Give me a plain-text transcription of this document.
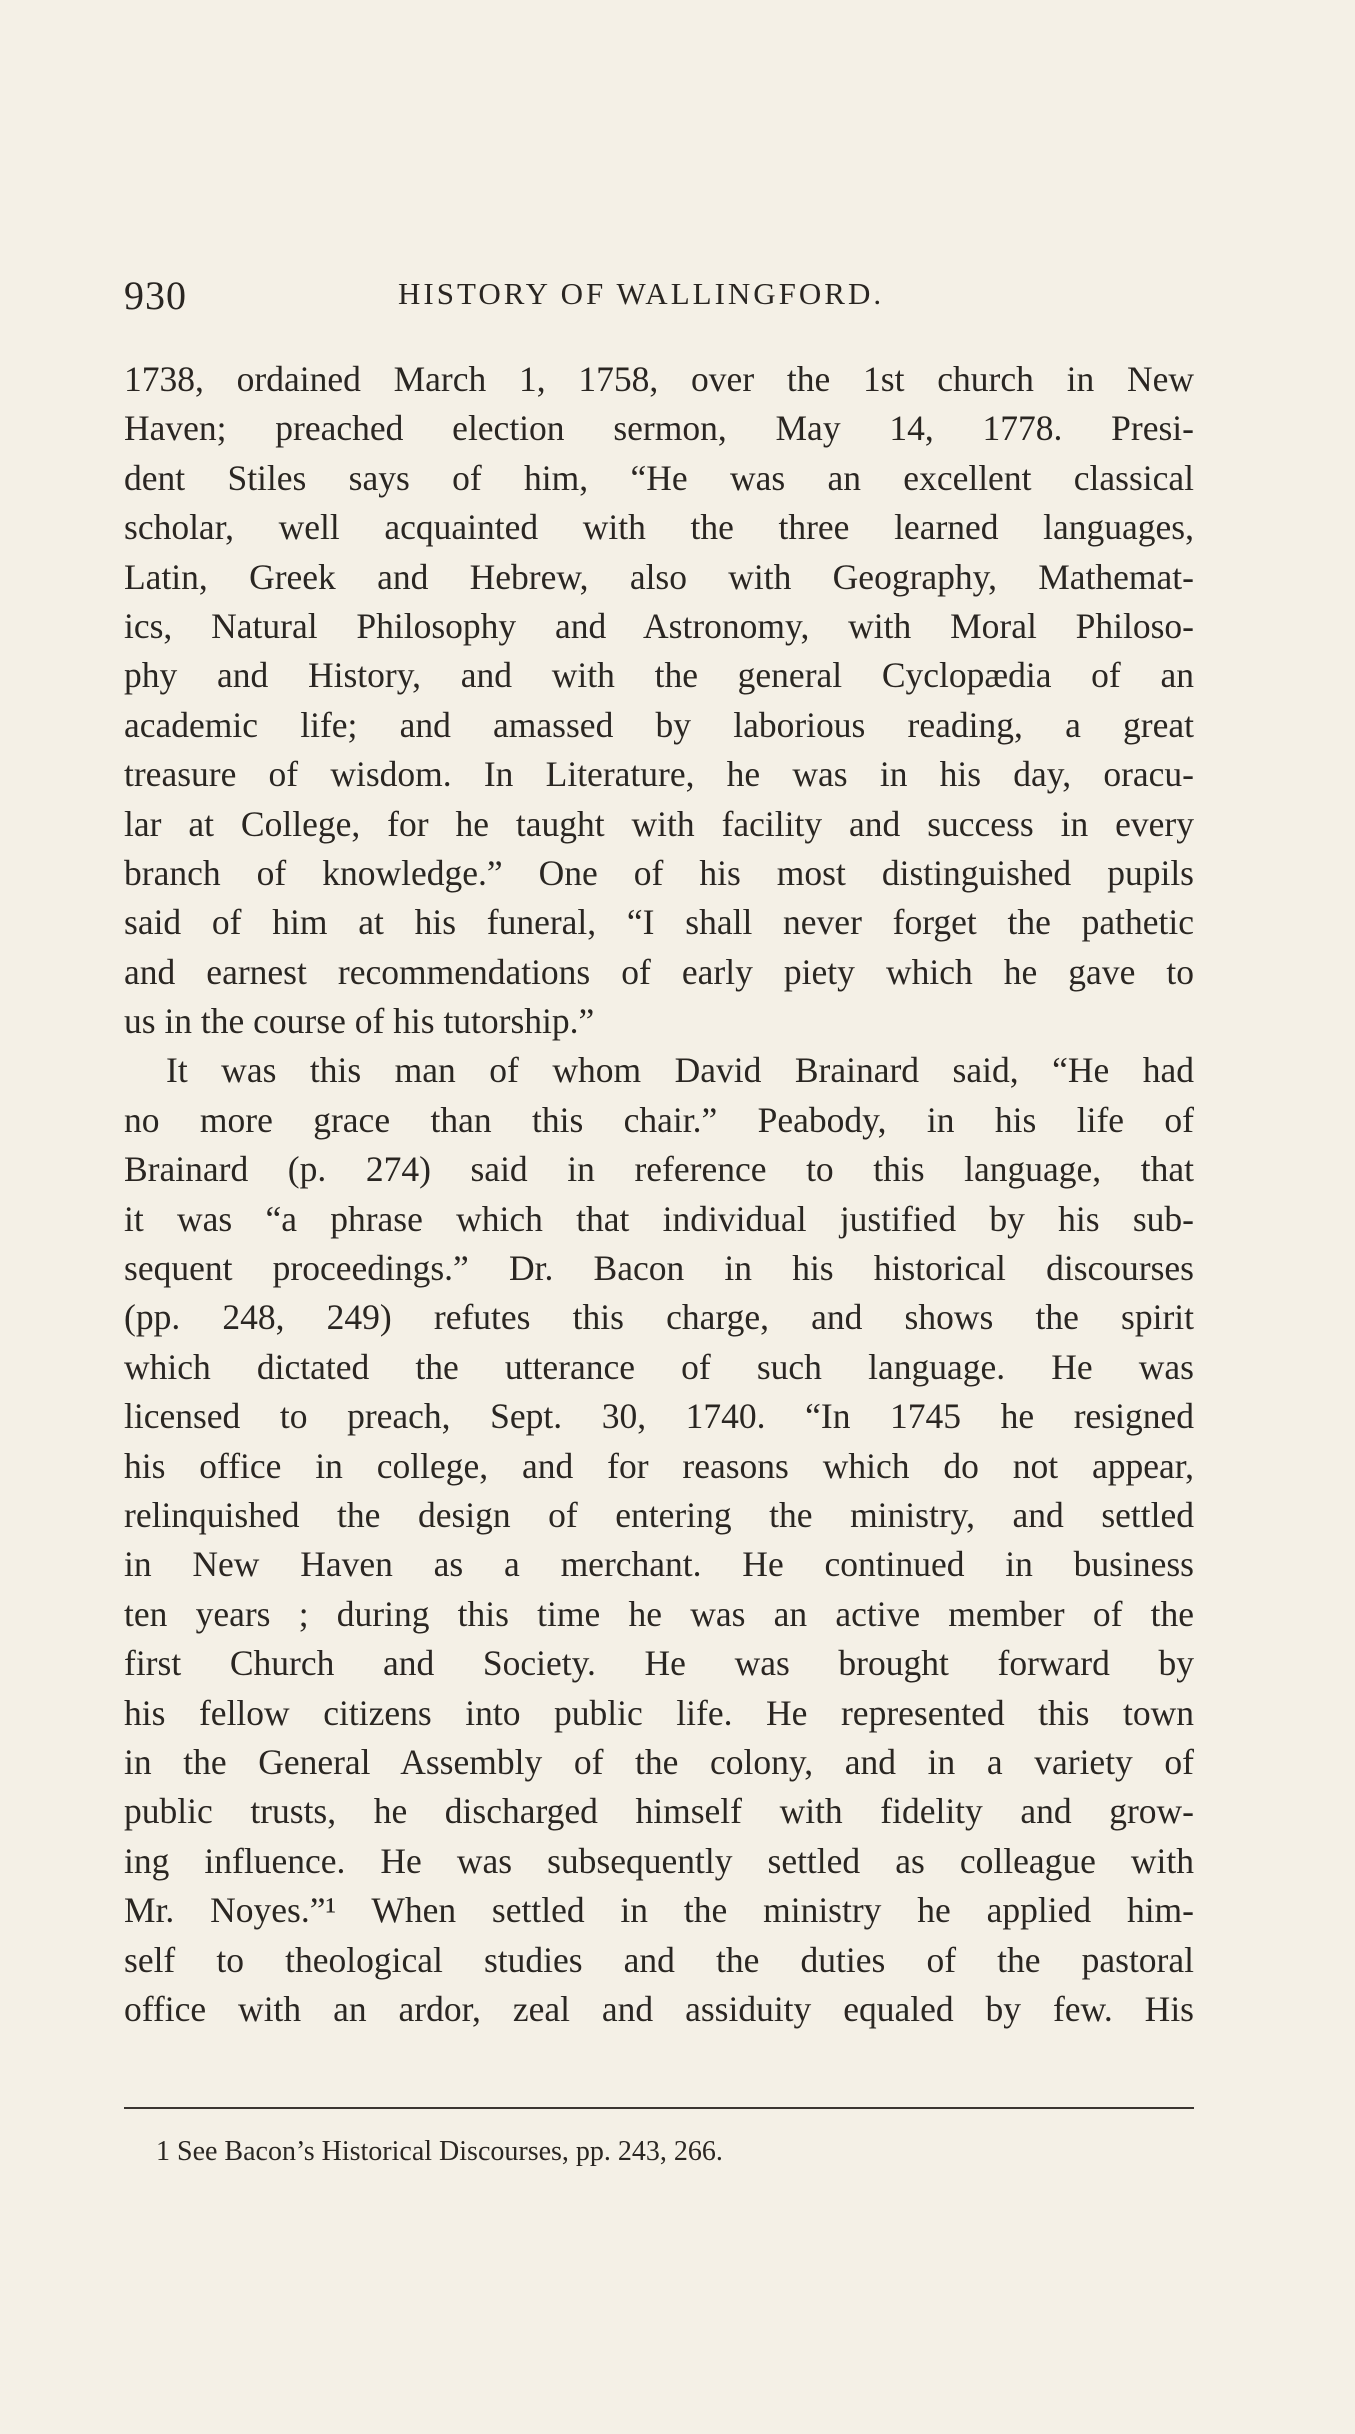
930	HISTORY OF WALLINGFORD.
1738, ordained March 1, 1758, over the 1st church in New
Haven; preached election sermon, May 14, 1778. Presi-
dent Stiles says of him, “He was an excellent classical
scholar, well acquainted with the three learned languages,
Latin, Greek and Hebrew, also with Geography, Mathemat-
ics, Natural Philosophy and Astronomy, with Moral Philoso-
phy and History, and with the general Cyclopædia of an
academic life; and amassed by laborious reading, a great
treasure of wisdom. In Literature, he was in his day, oracu-
lar at College, for he taught with facility and success in every
branch of knowledge.” One of his most distinguished pupils
said of him at his funeral, “I shall never forget the pathetic
and earnest recommendations of early piety which he gave to
us in the course of his tutorship.”
It was this man of whom David Brainard said, “He had
no more grace than this chair.” Peabody, in his life of
Brainard (p. 274) said in reference to this language, that
it was “a phrase which that individual justified by his sub-
sequent proceedings.” Dr. Bacon in his historical discourses
(pp. 248, 249) refutes this charge, and shows the spirit
which dictated the utterance of such language. He was
licensed to preach, Sept. 30, 1740. “In 1745 he resigned
his office in college, and for reasons which do not appear,
relinquished the design of entering the ministry, and settled
in New Haven as a merchant. He continued in business
ten years ; during this time he was an active member of the
first Church and Society. He was brought forward by
his fellow citizens into public life. He represented this town
in the General Assembly of the colony, and in a variety of
public trusts, he discharged himself with fidelity and grow-
ing influence. He was subsequently settled as colleague with
Mr. Noyes.”¹ When settled in the ministry he applied him-
self to theological studies and the duties of the pastoral
office with an ardor, zeal and assiduity equaled by few. His
1 See Bacon’s Historical Discourses, pp. 243, 266.
